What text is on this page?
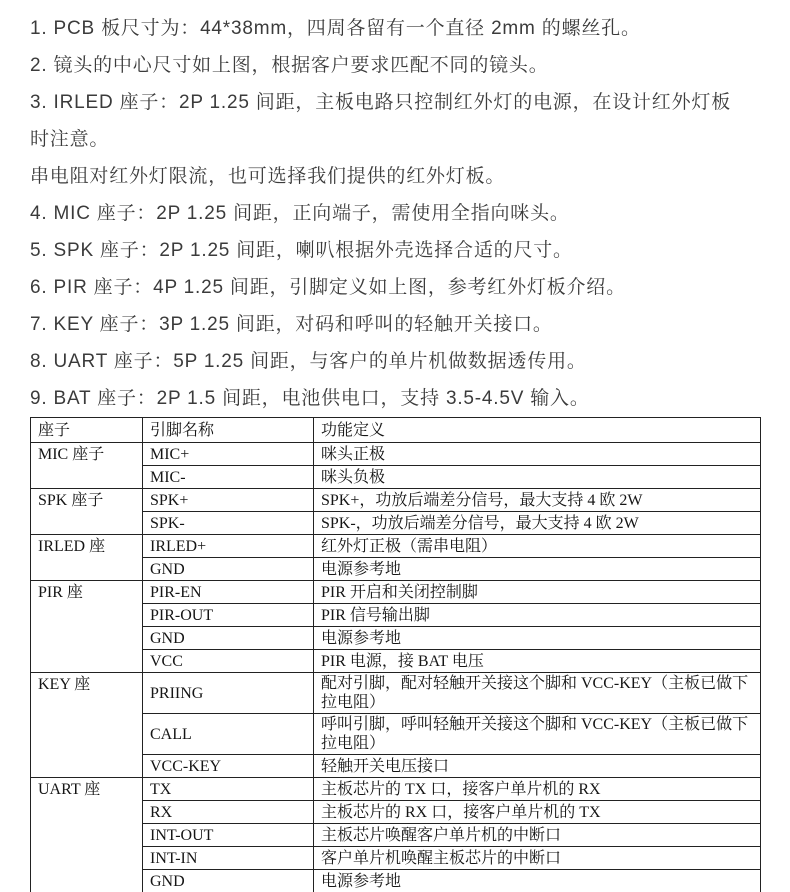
1. PCB 板尺寸为：44*38mm，四周各留有一个直径 2mm 的螺丝孔。
2. 镜头的中心尺寸如上图，根据客户要求匹配不同的镜头。
3. IRLED 座子：2P 1.25 间距，主板电路只控制红外灯的电源，在设计红外灯板
时注意。
串电阻对红外灯限流，也可选择我们提供的红外灯板。
4. MIC 座子：2P 1.25 间距，正向端子，需使用全指向咪头。
5. SPK 座子：2P 1.25 间距，喇叭根据外壳选择合适的尺寸。
6. PIR 座子：4P 1.25 间距，引脚定义如上图，参考红外灯板介绍。
7. KEY 座子：3P 1.25 间距，对码和呼叫的轻触开关接口。
8. UART 座子：5P 1.25 间距，与客户的单片机做数据透传用。
9. BAT 座子：2P 1.5 间距，电池供电口，支持 3.5-4.5V 输入。
座子	引脚名称	功能定义
MIC 座子	MIC+	咪头正极
	MIC-	咪头负极
SPK 座子	SPK+	SPK+，功放后端差分信号，最大支持 4 欧 2W
	SPK-	SPK-，功放后端差分信号，最大支持 4 欧 2W
IRLED 座	IRLED+	红外灯正极（需串电阻）
	GND	电源参考地
PIR 座	PIR-EN	PIR 开启和关闭控制脚
	PIR-OUT	PIR 信号输出脚
	GND	电源参考地
	VCC	PIR 电源，接 BAT 电压
KEY 座	PRIING	配对引脚，配对轻触开关接这个脚和 VCC-KEY（主板已做下拉电阻）
	CALL	呼叫引脚，呼叫轻触开关接这个脚和 VCC-KEY（主板已做下拉电阻）
	VCC-KEY	轻触开关电压接口
UART 座	TX	主板芯片的 TX 口，接客户单片机的 RX
	RX	主板芯片的 RX 口，接客户单片机的 TX
	INT-OUT	主板芯片唤醒客户单片机的中断口
	INT-IN	客户单片机唤醒主板芯片的中断口
	GND	电源参考地
